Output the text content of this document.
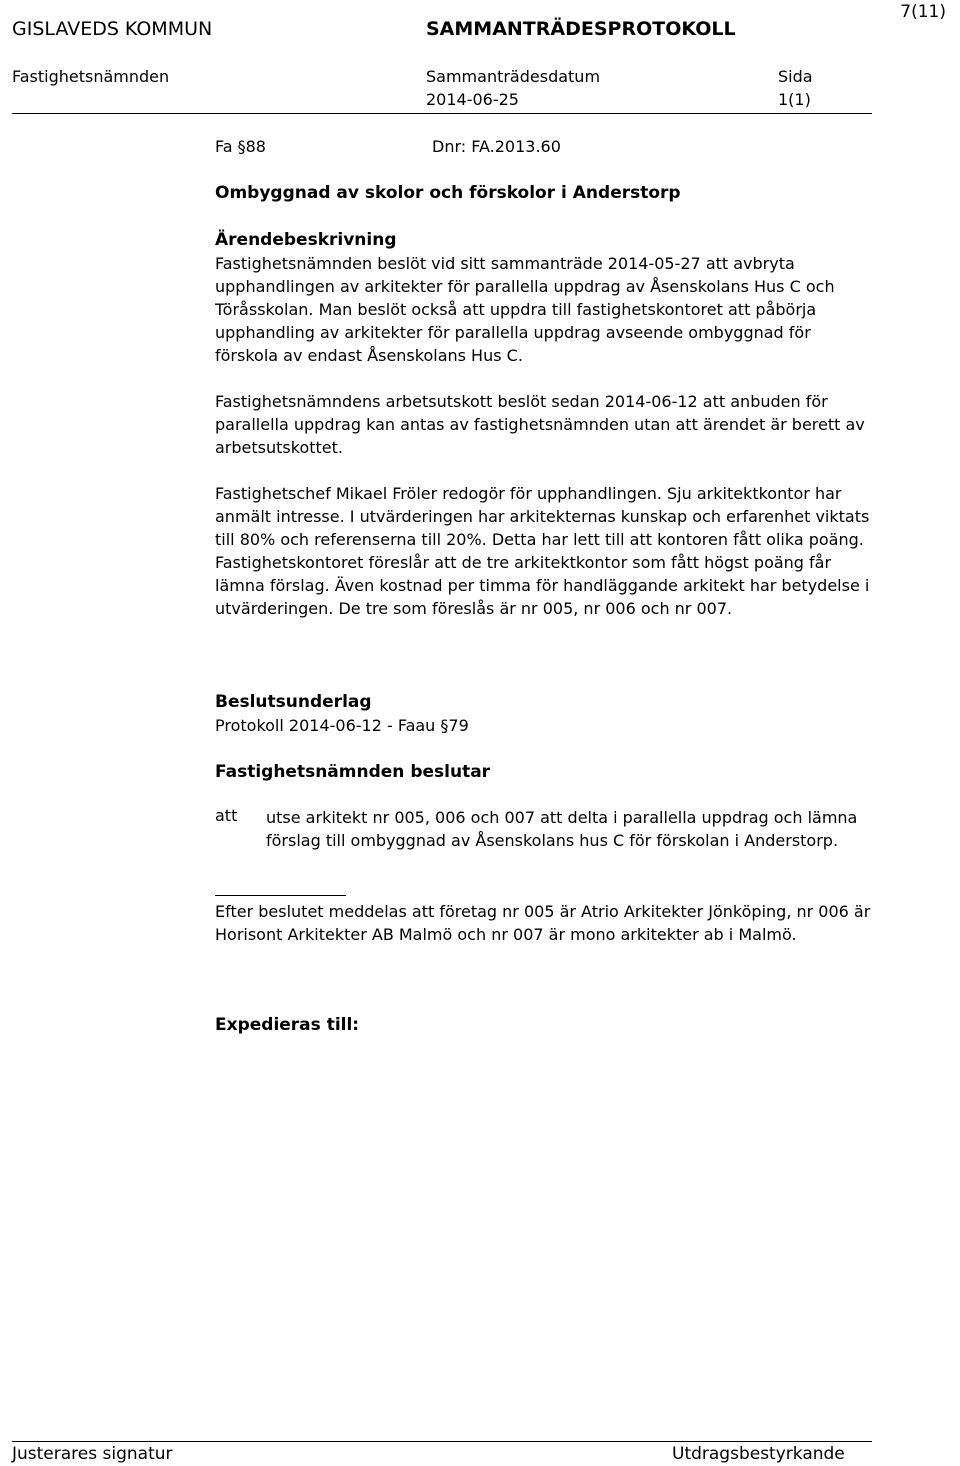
7(11)
GISLAVEDS KOMMUN	SAMMANTRÄDESPROTOKOLL
Fastighetsnämnden	Sammanträdesdatum
2014-06-25
Sida
1(1)
Fa §88	Dnr: FA.2013.60
Ombyggnad av skolor och förskolor i Anderstorp
Ärendebeskrivning

Fastighetsnämnden beslöt vid sitt sammanträde 2014-05-27 att avbryta upphandlingen av arkitekter för parallella uppdrag av Åsenskolans Hus C och Töråsskolan. Man beslöt också att uppdra till fastighetskontoret att påbörja upphandling av arkitekter för parallella uppdrag avseende ombyggnad för förskola av endast Åsenskolans Hus C.

Fastighetsnämndens arbetsutskott beslöt sedan 2014-06-12 att anbuden för parallella uppdrag kan antas av fastighetsnämnden utan att ärendet är berett av arbetsutskottet.

Fastighetschef Mikael Fröler redogör för upphandlingen. Sju arkitektkontor har anmält intresse. I utvärderingen har arkitekternas kunskap och erfarenhet viktats till 80% och referenserna till 20%. Detta har lett till att kontoren fått olika poäng. Fastighetskontoret föreslår att de tre arkitektkontor som fått högst poäng får lämna förslag. Även kostnad per timma för handläggande arkitekt har betydelse i utvärderingen. De tre som föreslås är nr 005, nr 006 och nr 007.

Beslutsunderlag
Protokoll 2014-06-12 - Faau §79
Fastighetsnämnden beslutar
att utse arkitekt nr 005, 006 och 007 att delta i parallella uppdrag och lämna förslag till ombyggnad av Åsenskolans hus C för förskolan i Anderstorp.

Efter beslutet meddelas att företag nr 005 är Atrio Arkitekter Jönköping, nr 006 är Horisont Arkitekter AB Malmö och nr 007 är mono arkitekter ab i Malmö.

Expedieras till:
Justerares signatur	Utdragsbestyrkande
